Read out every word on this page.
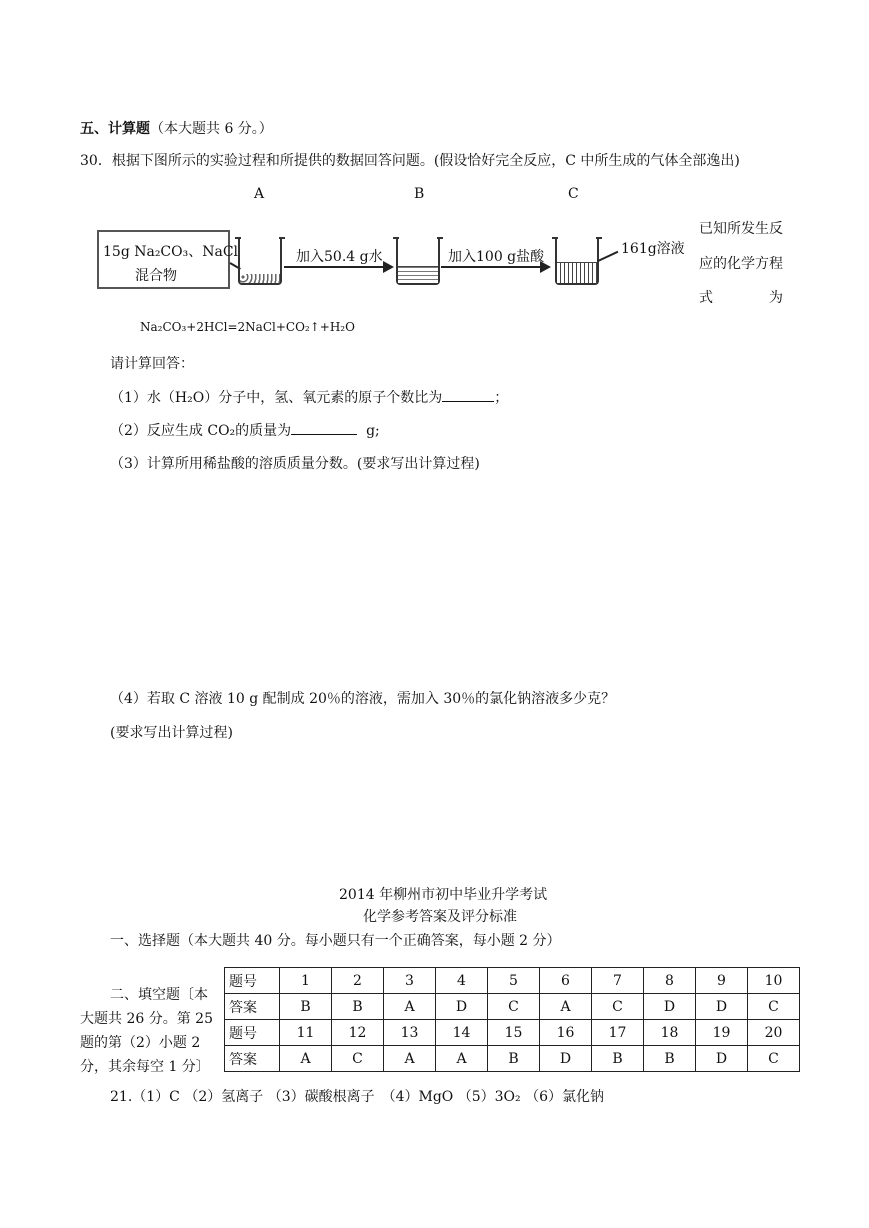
五、计算题（本大题共 6 分。）
30．根据下图所示的实验过程和所提供的数据回答问题。(假设恰好完全反应，C 中所生成的气体全部逸出)
A	B	C
15g Na₂CO₃、NaCl
混合物
加入50.4 g水	加入100 g盐酸	161g溶液
已知所发生反
应的化学方程
式　　　　为
Na₂CO₃+2HCl=2NaCl+CO₂↑+H₂O
请计算回答：
（1）水（H₂O）分子中，氢、氧元素的原子个数比为	；
（2）反应生成 CO₂的质量为	g;
（3）计算所用稀盐酸的溶质质量分数。(要求写出计算过程)
（4）若取 C 溶液 10 g 配制成 20％的溶液，需加入 30％的氯化钠溶液多少克？
(要求写出计算过程)
2014 年柳州市初中毕业升学考试
化学参考答案及评分标准
一、选择题（本大题共 40 分。每小题只有一个正确答案，每小题 2 分）
二、填空题〔本
大题共 26 分。第 25
题的第（2）小题 2
分，其余每空 1 分〕
题号	1	2	3	4	5	6	7	8	9	10
答案	B	B	A	D	C	A	C	D	D	C
题号	11	12	13	14	15	16	17	18	19	20
答案	A	C	A	A	B	D	B	B	D	C
21.（1）C （2）氢离子 （3）碳酸根离子　（4）MgO （5）3O₂ （6）氯化钠
